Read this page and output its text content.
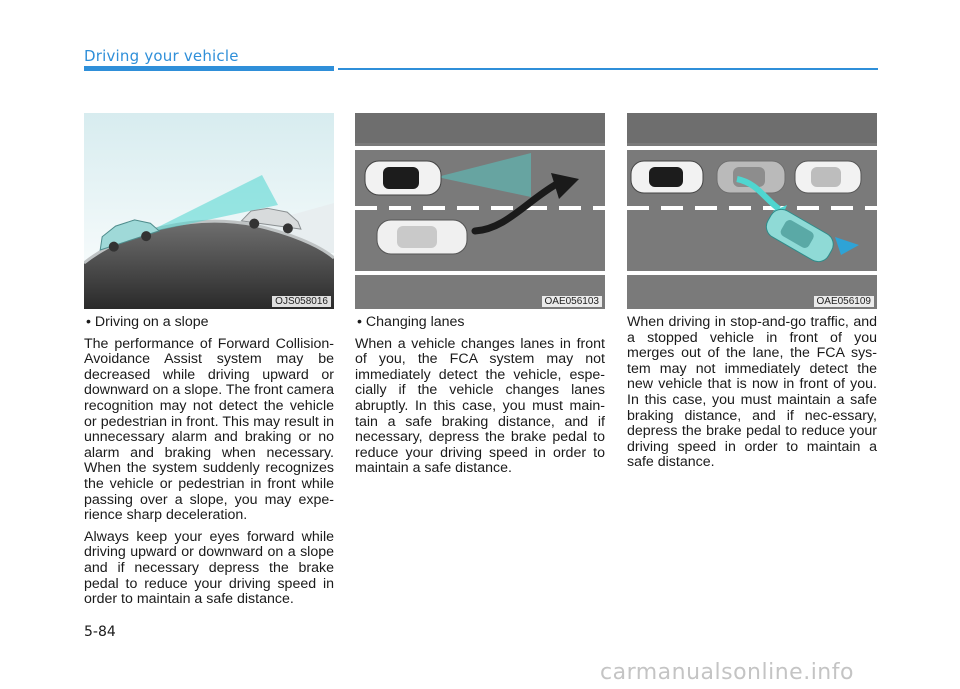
Driving your vehicle
OJS058016	OAE056103	OAE056109
• Driving on a slope

The performance of Forward Collision-Avoidance Assist system may be decreased while driving upward or downward on a slope. The front camera recognition may not detect the vehicle or pedestrian in front. This may result in unnecessary alarm and braking or no alarm and braking when necessary. When the system suddenly recognizes the vehicle or pedestrian in front while passing over a slope, you may expe-rience sharp deceleration.

Always keep your eyes forward while driving upward or downward on a slope and if necessary depress the brake pedal to reduce your driving speed in order to maintain a safe distance.

• Changing lanes

When a vehicle changes lanes in front of you, the FCA system may not immediately detect the vehicle, espe-cially if the vehicle changes lanes abruptly. In this case, you must main-tain a safe braking distance, and if necessary, depress the brake pedal to reduce your driving speed in order to maintain a safe distance.

When driving in stop-and-go traffic, and a stopped vehicle in front of you merges out of the lane, the FCA sys-tem may not immediately detect the new vehicle that is now in front of you. In this case, you must maintain a safe braking distance, and if nec-essary, depress the brake pedal to reduce your driving speed in order to maintain a safe distance.

5-84
carmanualsonline.info
